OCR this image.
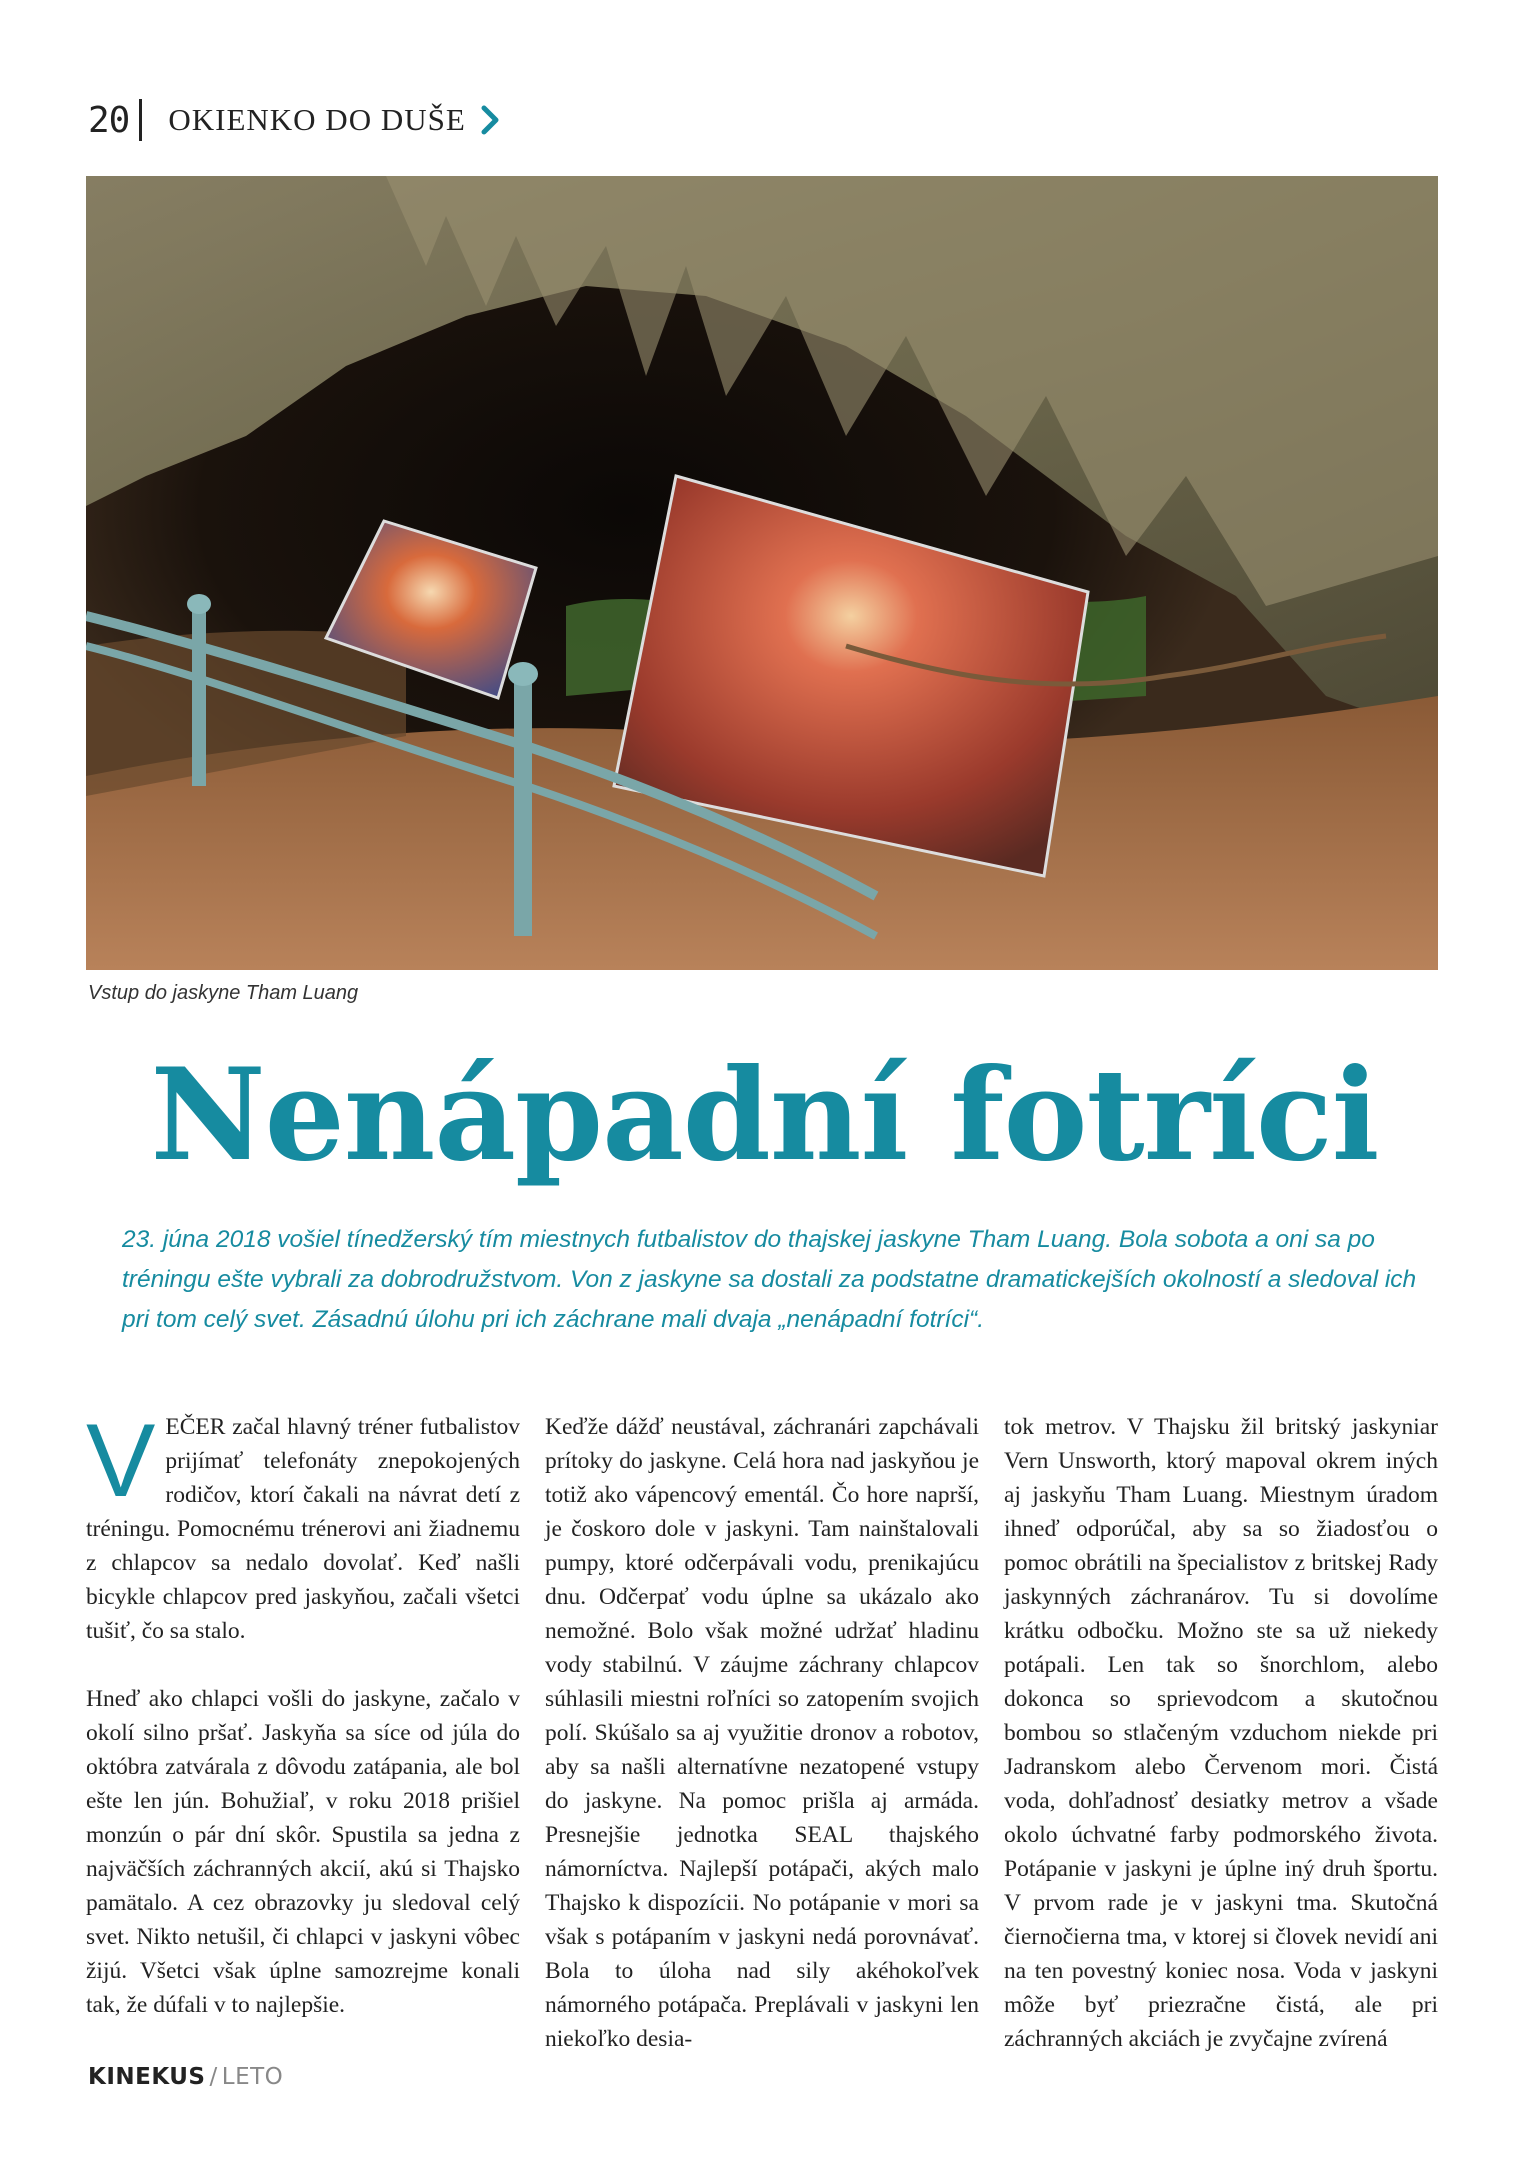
20 OKIENKO DO DUŠE
Vstup do jaskyne Tham Luang
Nenápadní fotríci

23. júna 2018 vošiel tínedžerský tím miestnych futbalistov do thajskej jaskyne Tham Luang. Bola sobota a oni sa po tréningu ešte vybrali za dobrodružstvom. Von z jaskyne sa dostali za podstatne dramatickejších okolností a sledoval ich pri tom celý svet. Zásadnú úlohu pri ich záchrane mali dvaja „nenápadní fotríci“.

VEČER začal hlavný tréner futbalistov prijímať telefonáty znepokojených rodičov, ktorí čakali na návrat detí z tréningu. Pomocnému trénerovi ani žiadnemu z chlapcov sa nedalo dovolať. Keď našli bicykle chlapcov pred jaskyňou, začali všetci tušiť, čo sa stalo.

Hneď ako chlapci vošli do jaskyne, začalo v okolí silno pršať. Jaskyňa sa síce od júla do októbra zatvárala z dôvodu zatápania, ale bol ešte len jún. Bohužiaľ, v roku 2018 prišiel monzún o pár dní skôr. Spustila sa jedna z najväčších záchranných akcií, akú si Thajsko pamätalo. A cez obrazovky ju sledoval celý svet. Nikto netušil, či chlapci v jaskyni vôbec žijú. Všetci však úplne samozrejme konali tak, že dúfali v to najlepšie.

Keďže dážď neustával, záchranári zapchávali prítoky do jaskyne. Celá hora nad jaskyňou je totiž ako vápencový ementál. Čo hore naprší, je čoskoro dole v jaskyni. Tam nainštalovali pumpy, ktoré odčerpávali vodu, prenikajúcu dnu. Odčerpať vodu úplne sa ukázalo ako nemožné. Bolo však možné udržať hladinu vody stabilnú. V záujme záchrany chlapcov súhlasili miestni roľníci so zatopením svojich polí. Skúšalo sa aj využitie dronov a robotov, aby sa našli alternatívne nezatopené vstupy do jaskyne. Na pomoc prišla aj armáda. Presnejšie jednotka SEAL thajského námorníctva. Najlepší potápači, akých malo Thajsko k dispozícii. No potápanie v mori sa však s potápaním v jaskyni nedá porovnávať. Bola to úloha nad sily akéhokoľvek námorného potápača. Preplávali v jaskyni len niekoľko desia-

tok metrov. V Thajsku žil britský jaskyniar Vern Unsworth, ktorý mapoval okrem iných aj jaskyňu Tham Luang. Miestnym úradom ihneď odporúčal, aby sa so žiadosťou o pomoc obrátili na špecialistov z britskej Rady jaskynných záchranárov. Tu si dovolíme krátku odbočku. Možno ste sa už niekedy potápali. Len tak so šnorchlom, alebo dokonca so sprievodcom a skutočnou bombou so stlačeným vzduchom niekde pri Jadranskom alebo Červenom mori. Čistá voda, dohľadnosť desiatky metrov a všade okolo úchvatné farby podmorského života. Potápanie v jaskyni je úplne iný druh športu. V prvom rade je v jaskyni tma. Skutočná čiernočierna tma, v ktorej si človek nevidí ani na ten povestný koniec nosa. Voda v jaskyni môže byť priezračne čistá, ale pri záchranných akciách je zvyčajne zvírená

KINEKUS / LETO
